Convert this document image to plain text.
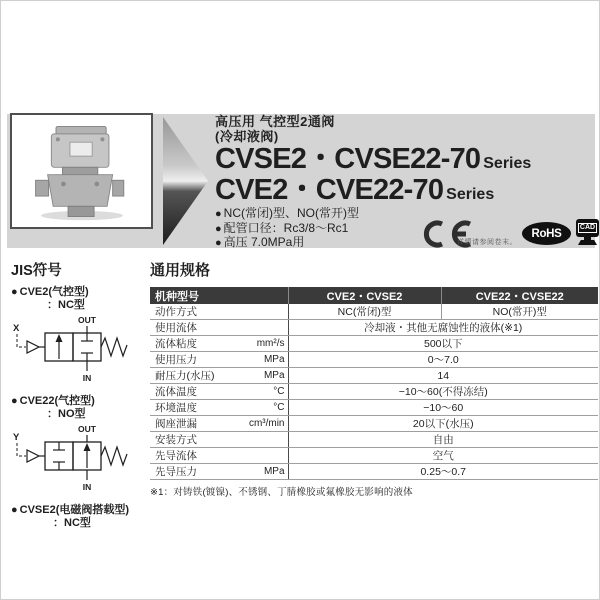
高压用 气控型2通阀
(冷却液阀)
CVSE2・CVSE22-70 Series
CVE2・CVE22-70 Series
● NC(常闭)型、NO(常开)型
● 配管口径：Rc3/8～Rc1
● 高压 7.0MPa用	详情请参阅卷末。
RoHS	CAD
JIS符号
● CVE2(气控型)
：NC型
X
OUT
IN
● CVE22(气控型)
：NO型
Y
OUT
IN
● CVSE2(电磁阀搭载型)
：NC型
通用规格
机种型号	CVE2・CVSE2	CVE22・CVSE22

动作方式	NC(常闭)型	NO(常开)型

使用流体	冷却液・其他无腐蚀性的液体(※1)	

流体粘度 mm²/s	500以下	

使用压力 MPa	0～7.0	

耐压力(水压) MPa	14	

流体温度 °C	−10～60(不得冻结)	

环境温度 °C	−10～60	

阀座泄漏 cm³/min	20以下(水压)	

安装方式	自由	

先导流体	空气	

先导压力 MPa	0.25～0.7	
※1：对铸铁(镀镍)、不锈钢、丁腈橡胶或氟橡胶无影响的液体
